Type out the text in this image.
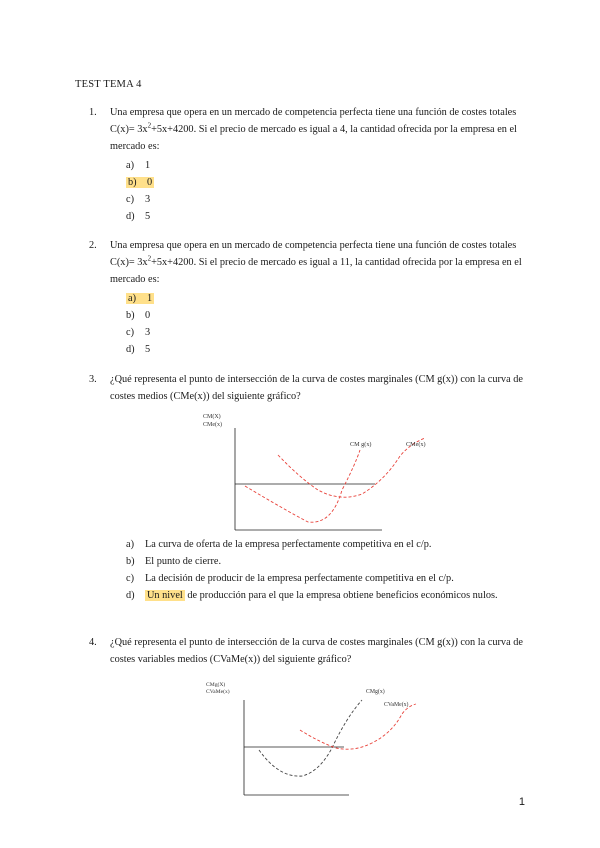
TEST TEMA 4
1. Una empresa que opera en un mercado de competencia perfecta tiene una función de costes totales $C(x)= 3x^2+5x+4200$. Si el precio de mercado es igual a 4, la cantidad ofrecida por la empresa en el mercado es:
a) 1
b) 0
c) 3
d) 5
2. Una empresa que opera en un mercado de competencia perfecta tiene una función de costes totales $C(x)= 3x^2+5x+4200$. Si el precio de mercado es igual a 11, la cantidad ofrecida por la empresa en el mercado es:
a) 1
b) 0
c) 3
d) 5
3. ¿Qué representa el punto de intersección de la curva de costes marginales (CM g(x)) con la curva de costes medios (CMe(x)) del siguiente gráfico?
CM(X)
CMe(x)
CM g(x)	CMe(x)
a) La curva de oferta de la empresa perfectamente competitiva en el c/p.
b) El punto de cierre.
c) La decisión de producir de la empresa perfectamente competitiva en el c/p.
d) Un nivel de producción para el que la empresa obtiene beneficios económicos nulos.
4. ¿Qué representa el punto de intersección de la curva de costes marginales (CM g(x)) con la curva de costes variables medios (CVaMe(x)) del siguiente gráfico?
CMg(X)
CVaMe(x)	CMg(x)
CVaMe(x)
1
